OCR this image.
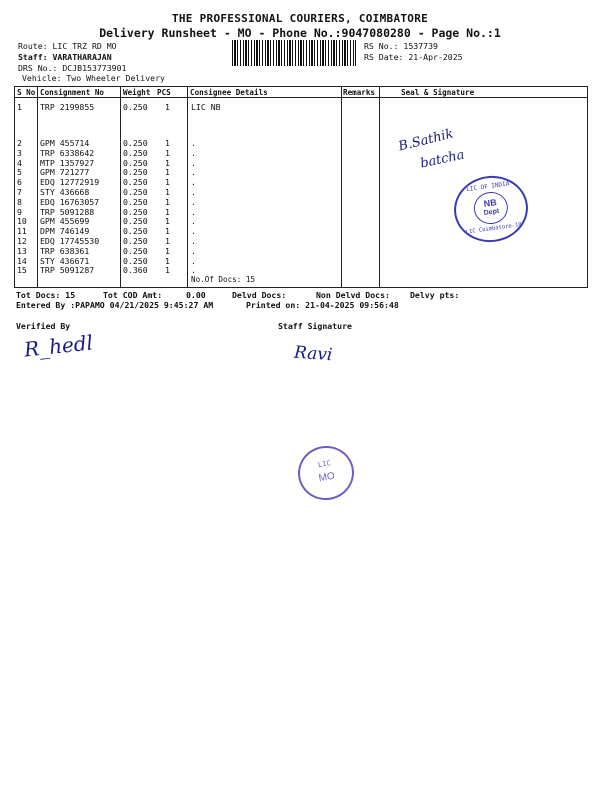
THE PROFESSIONAL COURIERS, COIMBATORE
Delivery Runsheet - MO - Phone No.:9047080280 - Page No.:1
Route: LIC TRZ RD MO
Staff: VARATHARAJAN
DRS No.: DCJB153773901
Vehicle: Two Wheeler Delivery
RS No.: 1537739
RS Date: 21-Apr-2025
S No Consignment No Weight PCS	Consignee Details	Remarks	Seal & Signature
1 TRP 2199855	0.250 1	LIC NB
2 GPM 455714	0.250 1	.
3 TRP 6338642	0.250 1	.
4 MTP 1357927	0.250 1	.
5 GPM 721277	0.250 1	.
6 EDQ 12772919	0.250 1	.
7 STY 436668	0.250 1	.
8 EDQ 16763057	0.250 1	.
9 TRP 5091288	0.250 1	.
10 GPM 455699	0.250 1	.
11 DPM 746149	0.250 1	.
12 EDQ 17745530	0.250 1	.
13 TRP 638361	0.250 1	.
14 STY 436671	0.250 1	.
15 TRP 5091287	0.360 1	.
No.Of Docs: 15
B.Sathik
batcha
LIC OF INDIA
NB
Dept
LIC Coimbatore-18
Tot Docs: 15	Tot COD Amt:	0.00	Delvd Docs:	Non Delvd Docs: Delvy pts:
Entered By :PAPAMO 04/21/2025 9:45:27 AM	Printed on: 21-04-2025 09:56:48
Verified By	Staff Signature
R_hedl	Ravi
LIC
MO
